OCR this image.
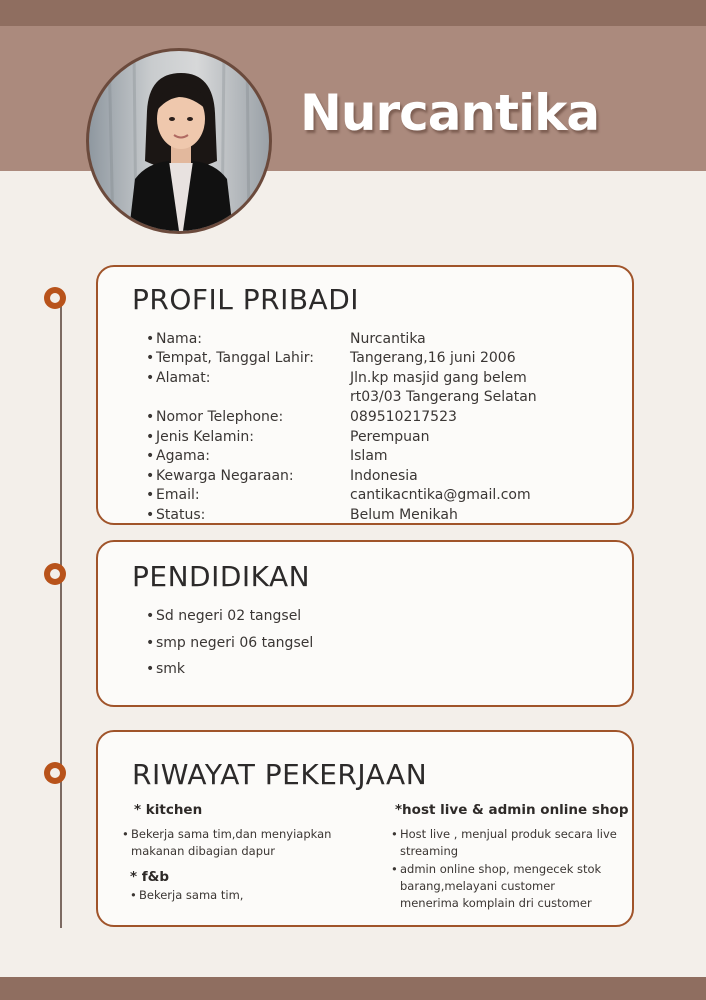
Nurcantika
PROFIL PRIBADI
• Nama:	Nurcantika
• Tempat, Tanggal Lahir:	Tangerang,16 juni 2006
• Alamat:	Jln.kp masjid gang belem
rt03/03 Tangerang Selatan
• Nomor Telephone:	089510217523
• Jenis Kelamin:	Perempuan
• Agama:	Islam
• Kewarga Negaraan:	Indonesia
• Email:	cantikacntika@gmail.com
• Status:	Belum Menikah
PENDIDIKAN
• Sd negeri 02 tangsel
• smp negeri 06 tangsel
• smk
RIWAYAT PEKERJAAN
* kitchen
• Bekerja sama tim,dan menyiapkan
makanan dibagian dapur
* f&b
• Bekerja sama tim,
*host live & admin online shop
• Host live , menjual produk secara live
streaming
• admin online shop, mengecek stok
barang,melayani customer
menerima komplain dri customer
